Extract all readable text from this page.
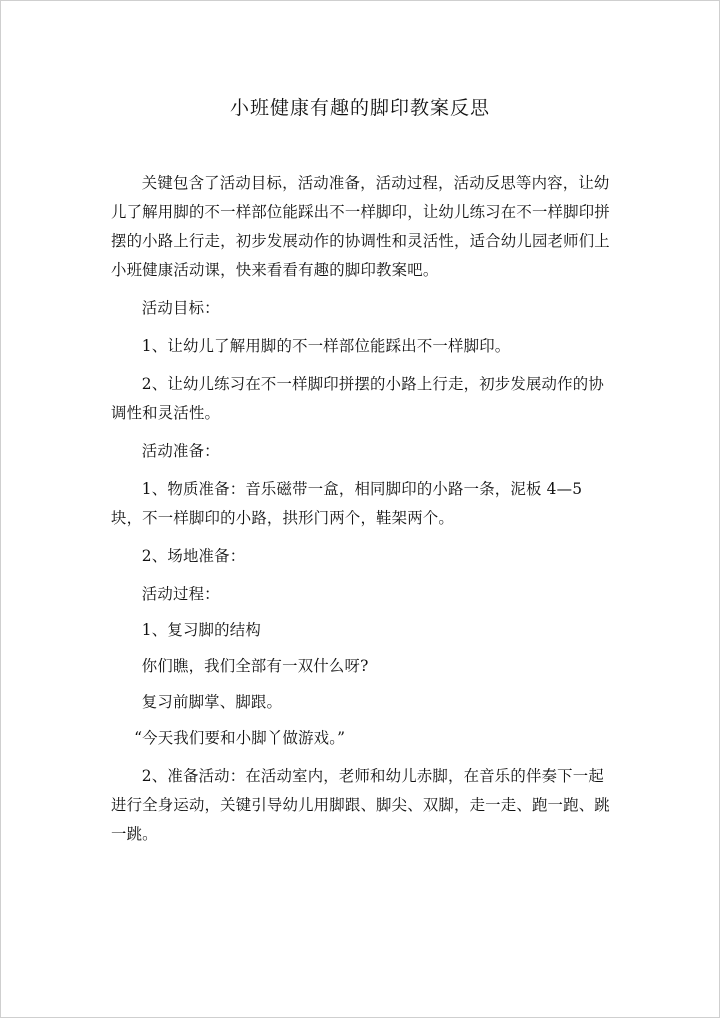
小班健康有趣的脚印教案反思

关键包含了活动目标，活动准备，活动过程，活动反思等内容，让幼儿了解用脚的不一样部位能踩出不一样脚印，让幼儿练习在不一样脚印拼摆的小路上行走，初步发展动作的协调性和灵活性，适合幼儿园老师们上小班健康活动课，快来看看有趣的脚印教案吧。

活动目标：

1、让幼儿了解用脚的不一样部位能踩出不一样脚印。

2、让幼儿练习在不一样脚印拼摆的小路上行走，初步发展动作的协调性和灵活性。

活动准备：

1、物质准备：音乐磁带一盒，相同脚印的小路一条，泥板 4—5 块，不一样脚印的小路，拱形门两个，鞋架两个。

2、场地准备：

活动过程：

1、复习脚的结构

你们瞧，我们全部有一双什么呀?

复习前脚掌、脚跟。

“今天我们要和小脚丫做游戏。”

2、准备活动：在活动室内，老师和幼儿赤脚，在音乐的伴奏下一起进行全身运动，关键引导幼儿用脚跟、脚尖、双脚，走一走、跑一跑、跳一跳。
